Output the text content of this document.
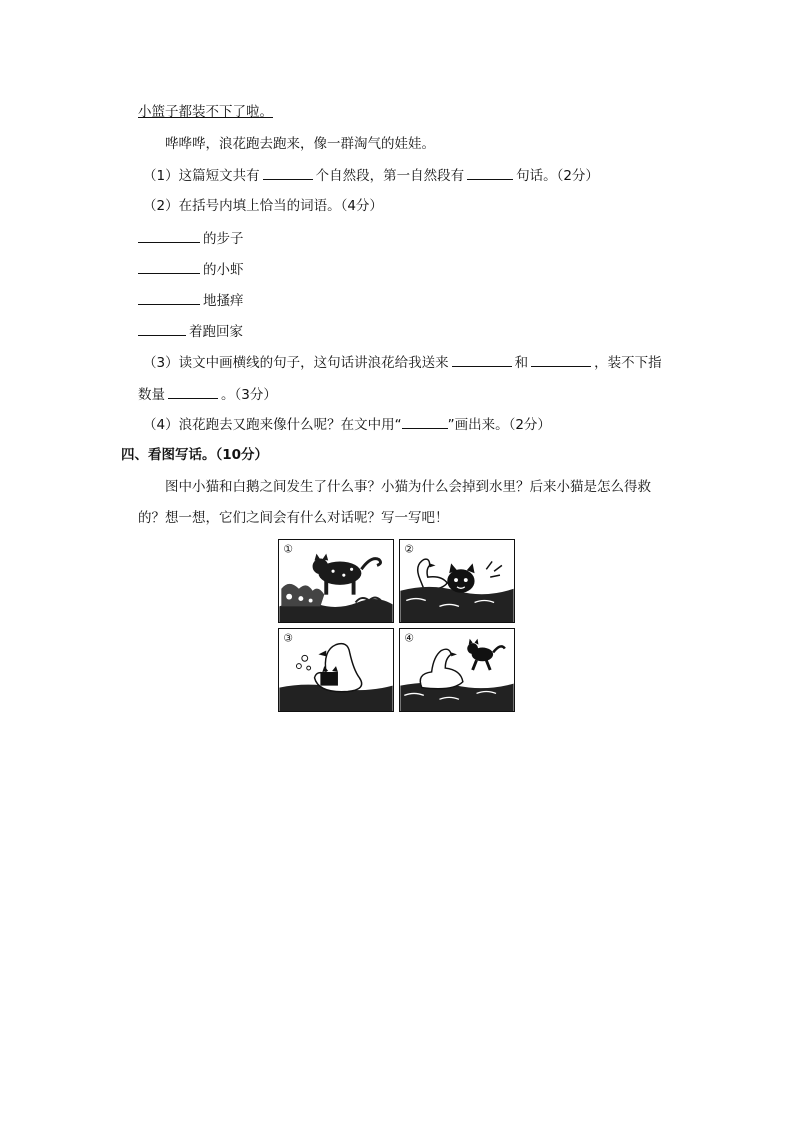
小篮子都装不下了啦。
哗哗哗，浪花跑去跑来，像一群淘气的娃娃。
（1）这篇短文共有	个自然段，第一自然段有	句话。（2分）
（2）在括号内填上恰当的词语。（4分）
的步子
的小虾
地搔痒
着跑回家
（3）读文中画横线的句子，这句话讲浪花给我送来	和	，装不下指
数量	。（3分）
（4）浪花跑去又跑来像什么呢？在文中用“	”画出来。（2分）
四、看图写话。（10分）
图中小猫和白鹅之间发生了什么事？小猫为什么会掉到水里？后来小猫是怎么得救
的？想一想，它们之间会有什么对话呢？写一写吧！
①	②
③	④
